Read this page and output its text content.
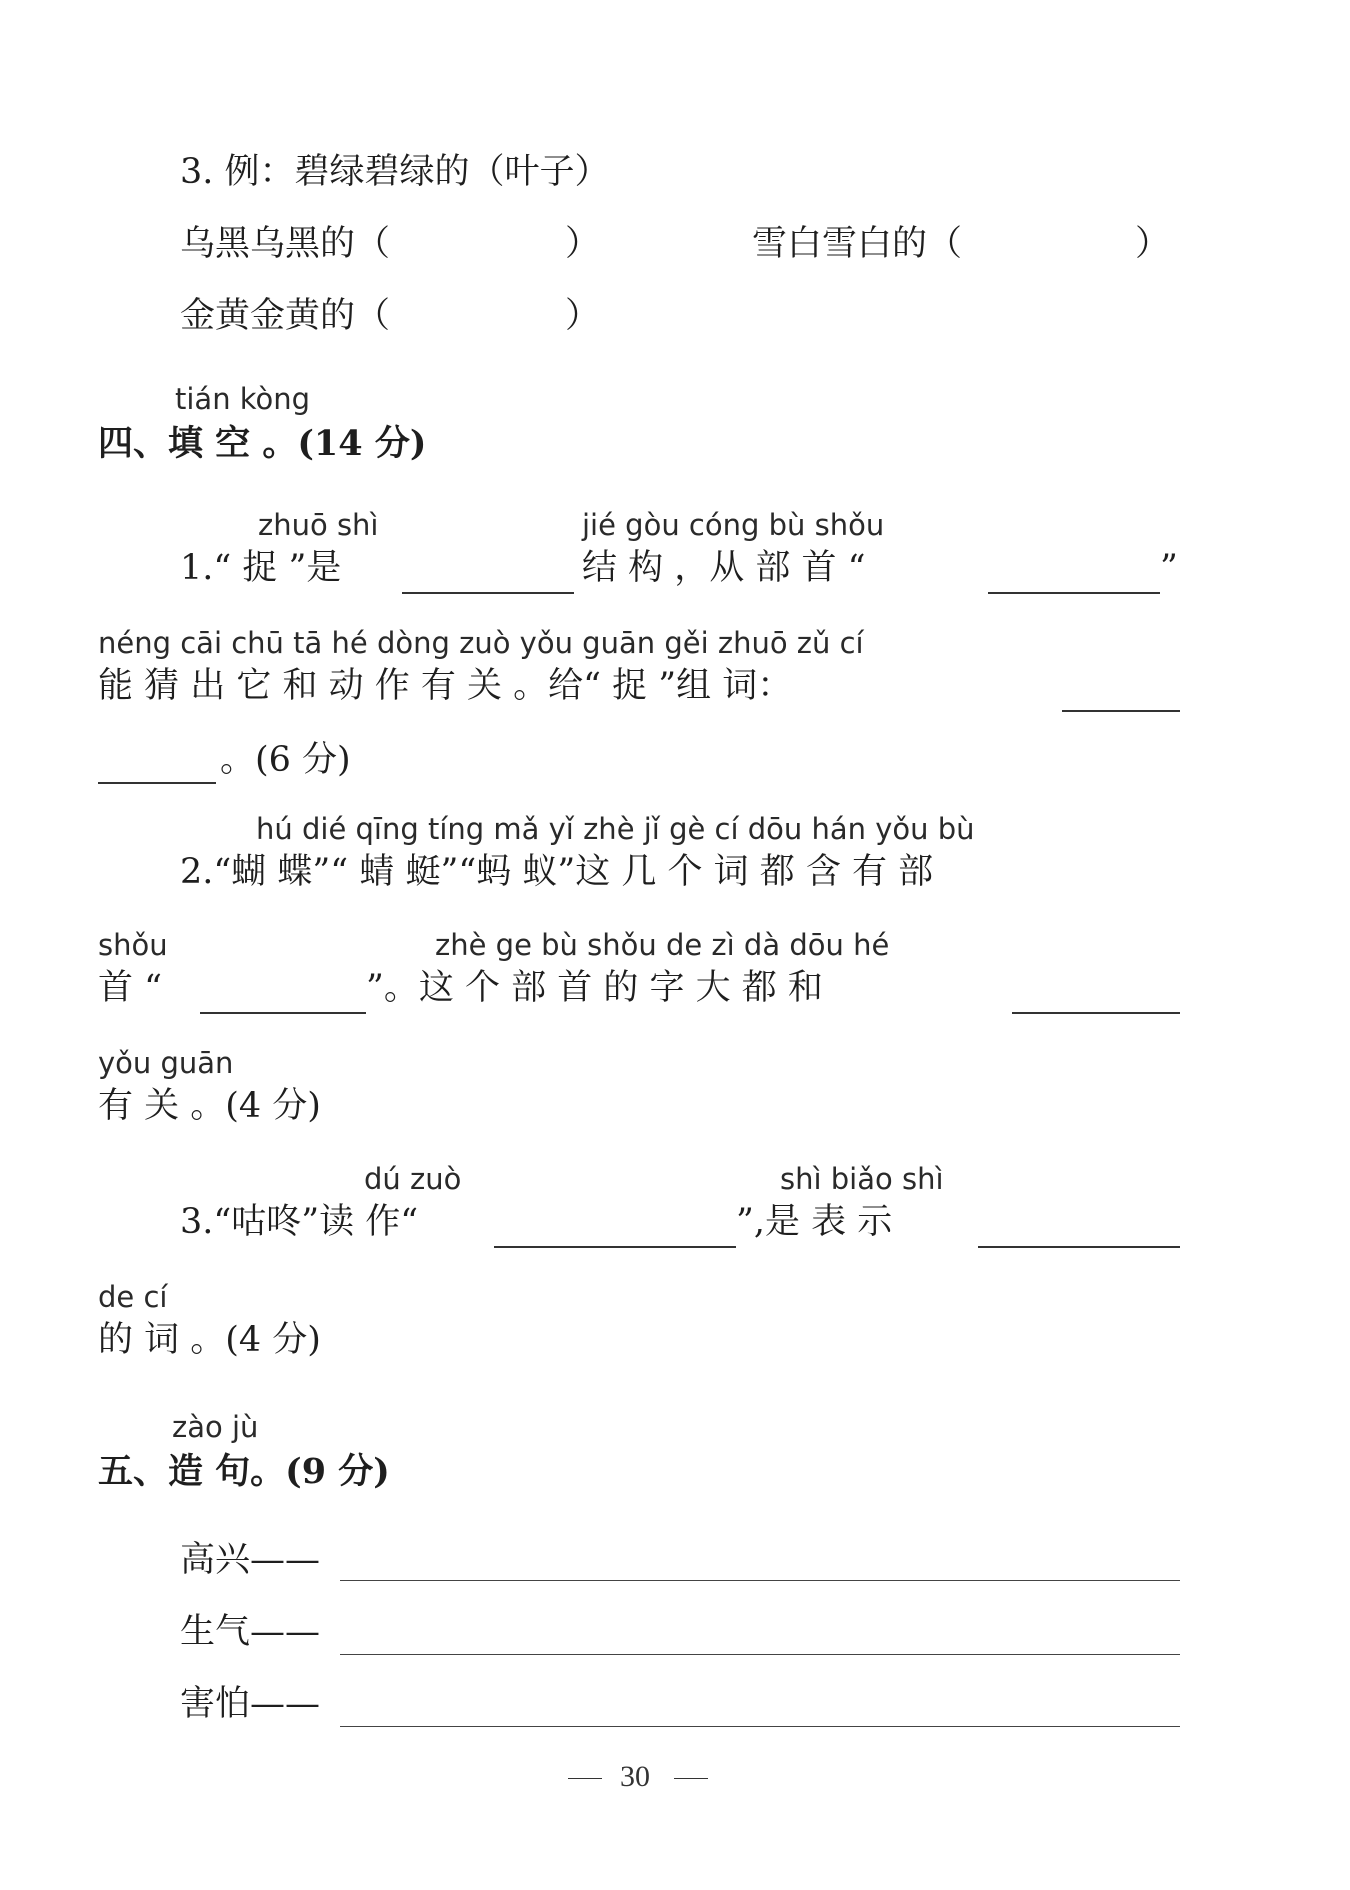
3. 例：碧绿碧绿的（叶子）
乌黑乌黑的（	）	雪白雪白的（	）
金黄金黄的（	）
tián kòng
四、填 空 。(14 分)
zhuō shì	jié gòu cóng bù shǒu
1.“ 捉 ”是	结 构 ，从 部 首 “	”
néng cāi chū tā hé dòng zuò yǒu guān gěi zhuō zǔ cí
能 猜 出 它 和 动 作 有 关 。给“ 捉 ”组 词：
。(6 分)
hú dié qīng tíng mǎ yǐ zhè jǐ gè cí dōu hán yǒu bù
2.“蝴 蝶”“ 蜻 蜓”“蚂 蚁”这 几 个 词 都 含 有 部
shǒu	zhè ge bù shǒu de zì dà dōu hé
首 “	”。这 个 部 首 的 字 大 都 和
yǒu guān
有 关 。(4 分)
dú zuò	shì biǎo shì
3.“咕咚”读 作“	”,是 表 示
de cí
的 词 。(4 分)
zào jù
五、造 句。(9 分)
高兴——
生气——
害怕——
30
